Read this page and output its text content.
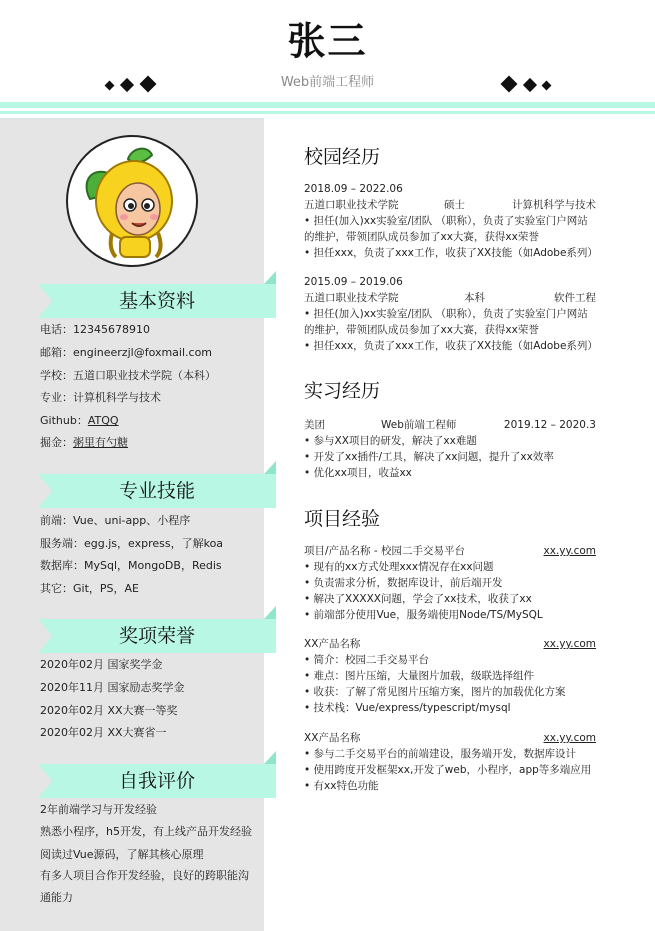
张三
Web前端工程师
基本资料
电话：12345678910
邮箱：engineerzjl@foxmail.com
学校：五道口职业技术学院（本科）
专业：计算机科学与技术
Github：ATQQ
掘金：粥里有勺糖
专业技能
前端：Vue、uni-app、小程序
服务端：egg.js，express，了解koa
数据库：MySql，MongoDB，Redis
其它：Git，PS，AE
奖项荣誉
2020年02月 国家奖学金
2020年11月 国家励志奖学金
2020年02月 XX大赛一等奖
2020年02月 XX大赛省一
自我评价
2年前端学习与开发经验
熟悉小程序，h5开发，有上线产品开发经验
阅读过Vue源码，了解其核心原理
有多人项目合作开发经验，良好的跨职能沟通能力
校园经历
2018.09 – 2022.06
五道口职业技术学院	硕士	计算机科学与技术
• 担任(加入)xx实验室/团队 （职称），负责了实验室门户网站的维护，带领团队成员参加了xx大赛，获得xx荣誉
• 担任xxx，负责了xxx工作，收获了XX技能（如Adobe系列）
2015.09 – 2019.06
五道口职业技术学院	本科	软件工程
• 担任(加入)xx实验室/团队 （职称），负责了实验室门户网站的维护，带领团队成员参加了xx大赛，获得xx荣誉
• 担任xxx，负责了xxx工作，收获了XX技能（如Adobe系列）
实习经历
美团	Web前端工程师	2019.12 – 2020.3
• 参与XX项目的研发，解决了xx难题
• 开发了xx插件/工具，解决了xx问题，提升了xx效率
• 优化xx项目，收益xx
项目经验
项目/产品名称 - 校园二手交易平台	xx.yy.com
• 现有的xx方式处理xxx情况存在xx问题
• 负责需求分析，数据库设计，前后端开发
• 解决了XXXXX问题，学会了xx技术，收获了xx
• 前端部分使用Vue，服务端使用Node/TS/MySQL
XX产品名称	xx.yy.com
• 简介：校园二手交易平台
• 难点：图片压缩，大量图片加载，级联选择组件
• 收获：了解了常见图片压缩方案，图片的加载优化方案
• 技术栈：Vue/express/typescript/mysql
XX产品名称	xx.yy.com
• 参与二手交易平台的前端建设，服务端开发，数据库设计
• 使用跨度开发框架xx,开发了web，小程序，app等多端应用
• 有xx特色功能
